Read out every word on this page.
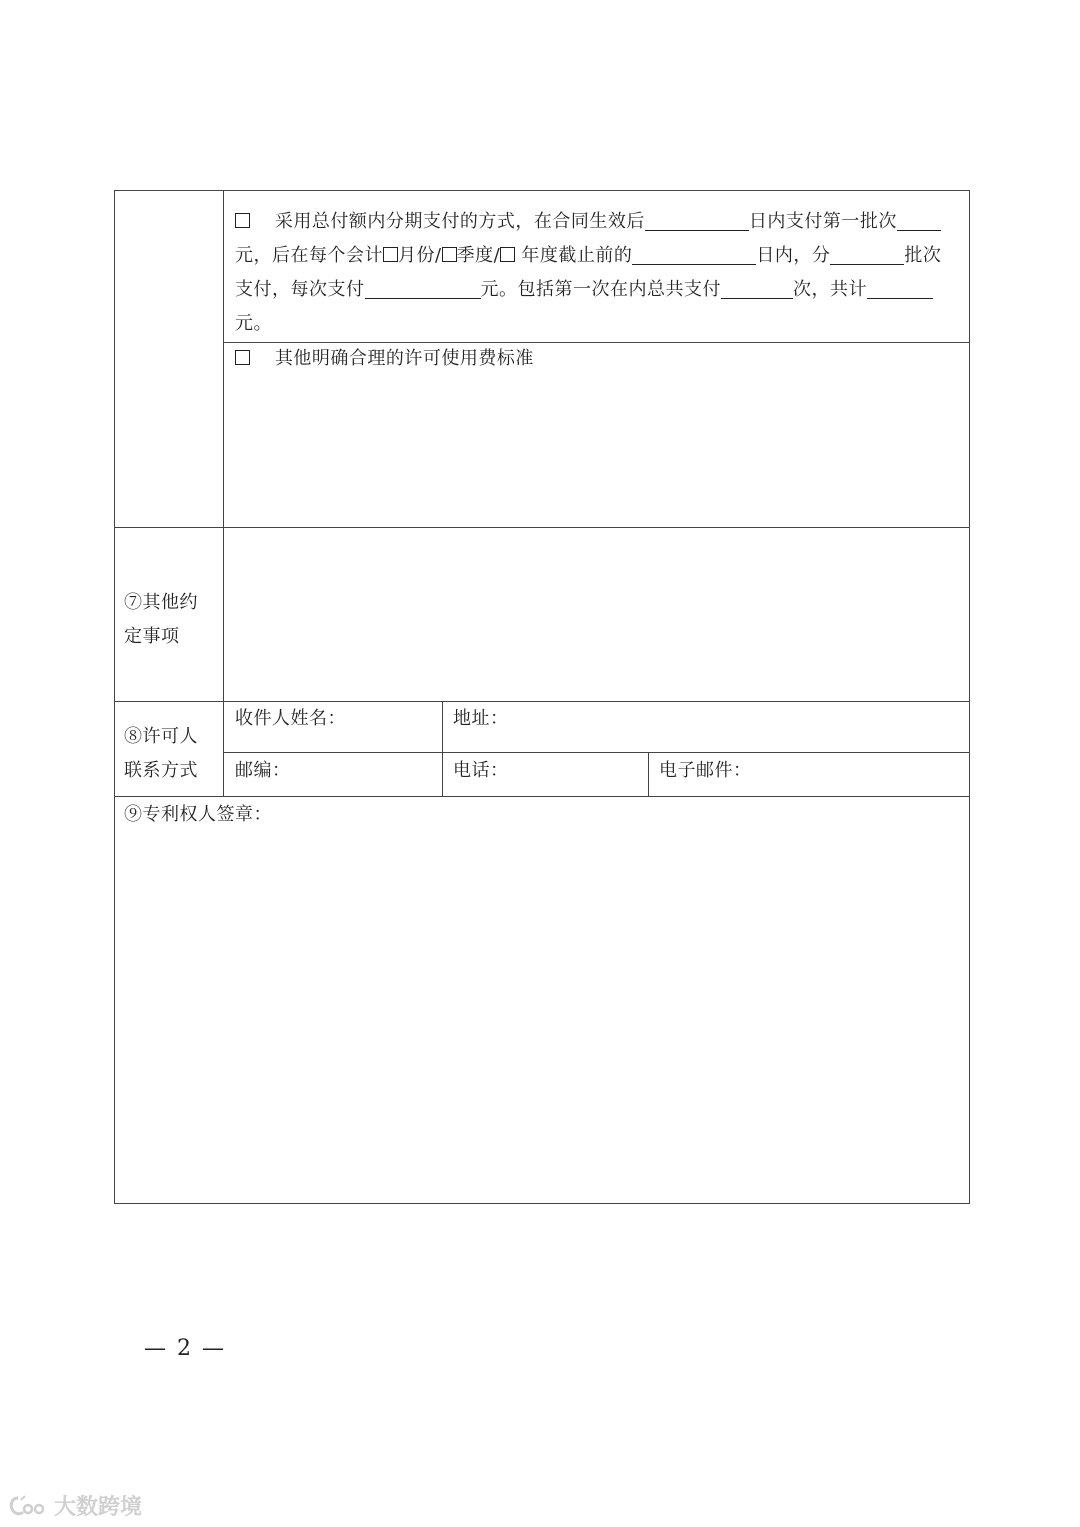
采用总付额内分期支付的方式，在合同生效后	日内支付第一批次
元，后在每个会计 月份/ 季度/ 年度截止前的	日内，分	批次
支付，每次支付	元。包括第一次在内总共支付	次，共计
元。
其他明确合理的许可使用费标准
⑦其他约
定事项
⑧许可人
联系方式
收件人姓名：	地址：
邮编：	电话：	电子邮件：
⑨专利权人签章：
— 2 —
大数跨境
